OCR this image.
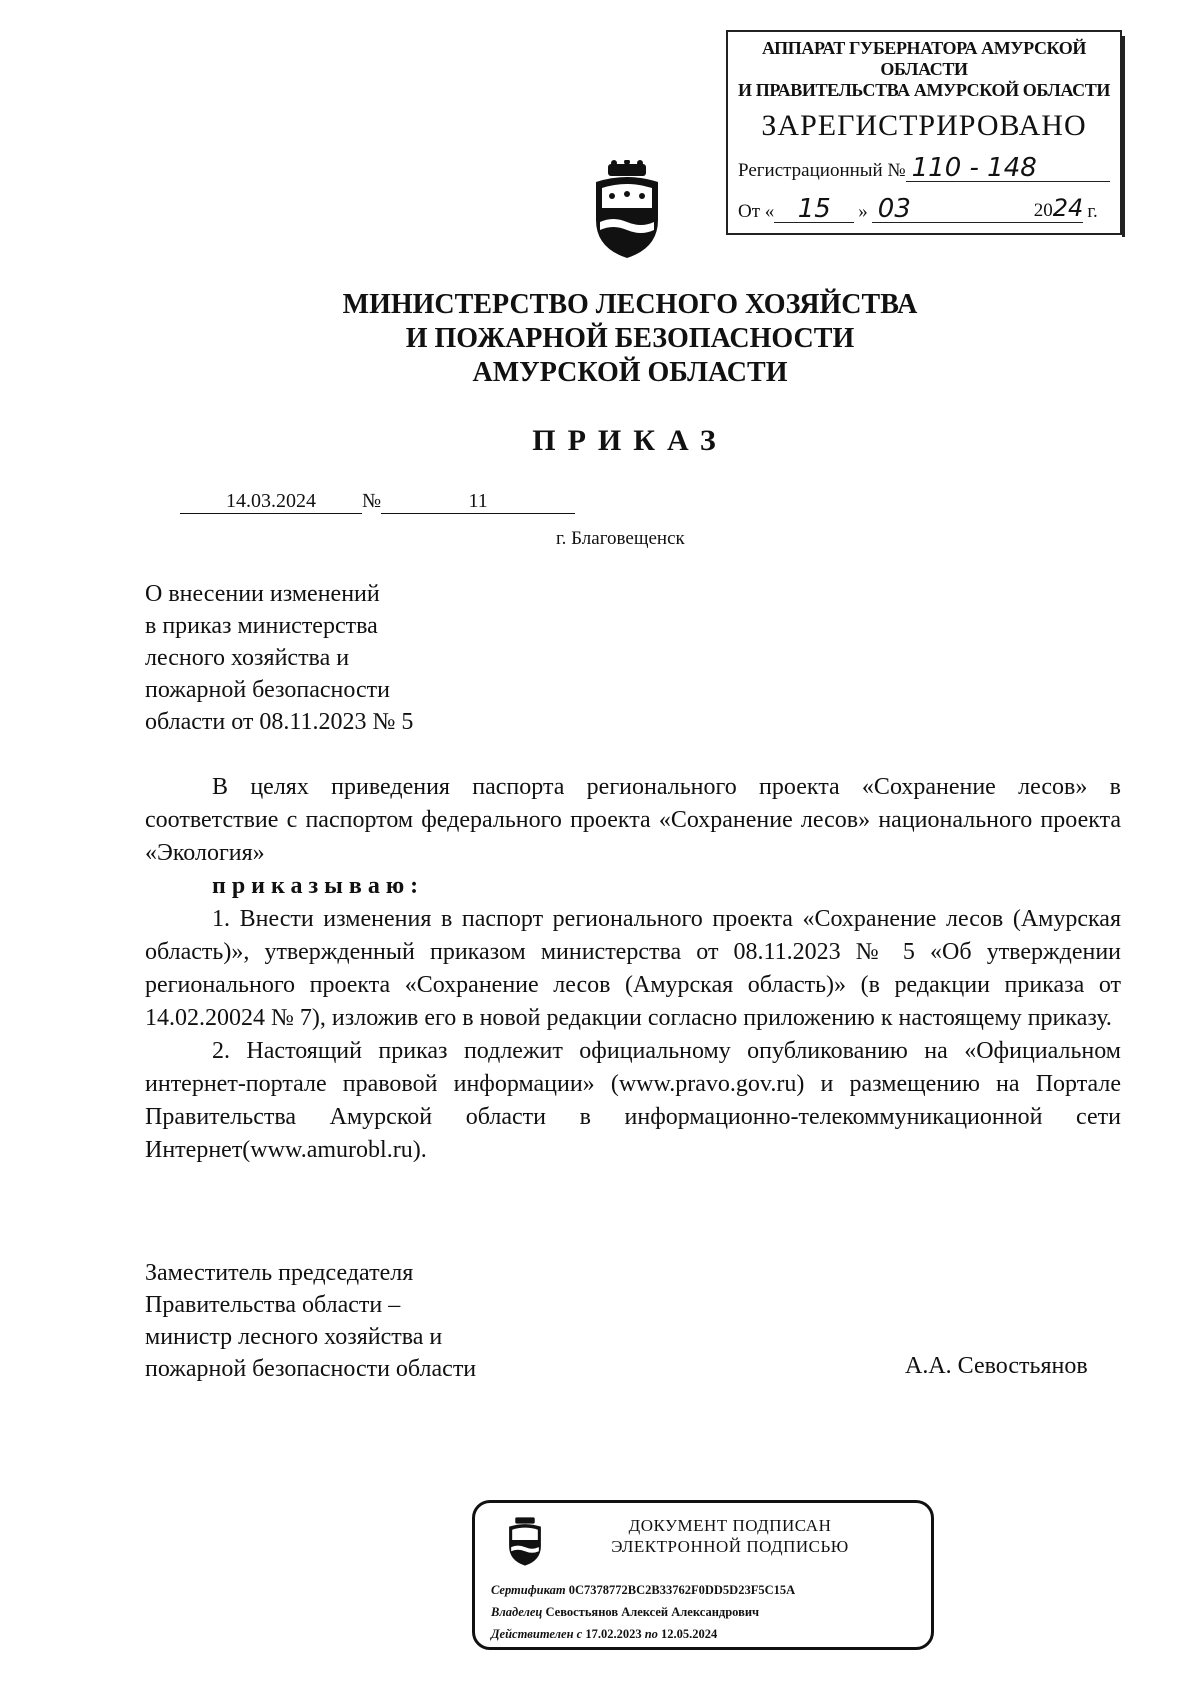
АППАРАТ ГУБЕРНАТОРА АМУРСКОЙ ОБЛАСТИ
И ПРАВИТЕЛЬСТВА АМУРСКОЙ ОБЛАСТИ
ЗАРЕГИСТРИРОВАНО
Регистрационный № 110 - 148
От « 15	» 03	2024 г.
МИНИСТЕРСТВО ЛЕСНОГО ХОЗЯЙСТВА
И ПОЖАРНОЙ БЕЗОПАСНОСТИ
АМУРСКОЙ ОБЛАСТИ
ПРИКАЗ
14.03.2024 №	11
г. Благовещенск
О внесении изменений
в приказ министерства
лесного хозяйства и
пожарной безопасности
области от 08.11.2023 № 5

В целях приведения паспорта регионального проекта «Сохранение лесов» в соответствие с паспортом федерального проекта «Сохранение лесов» национального проекта «Экология»

приказываю:

1. Внести изменения в паспорт регионального проекта «Сохранение лесов (Амурская область)», утвержденный приказом министерства от 08.11.2023 № 5 «Об утверждении регионального проекта «Сохранение лесов (Амурская область)» (в редакции приказа от 14.02.20024 № 7), изложив его в новой редакции согласно приложению к настоящему приказу.

2. Настоящий приказ подлежит официальному опубликованию на «Официальном интернет-портале правовой информации» (www.pravo.gov.ru) и размещению на Портале Правительства Амурской области в информационно-телекоммуникационной сети Интернет(www.amurobl.ru).

Заместитель председателя
Правительства области –
министр лесного хозяйства и
пожарной безопасности области	А.А. Севостьянов
ДОКУМЕНТ ПОДПИСАН
ЭЛЕКТРОННОЙ ПОДПИСЬЮ
Сертификат 0C7378772BC2B33762F0DD5D23F5C15A
Владелец Севостьянов Алексей Александрович
Действителен с 17.02.2023 по 12.05.2024
